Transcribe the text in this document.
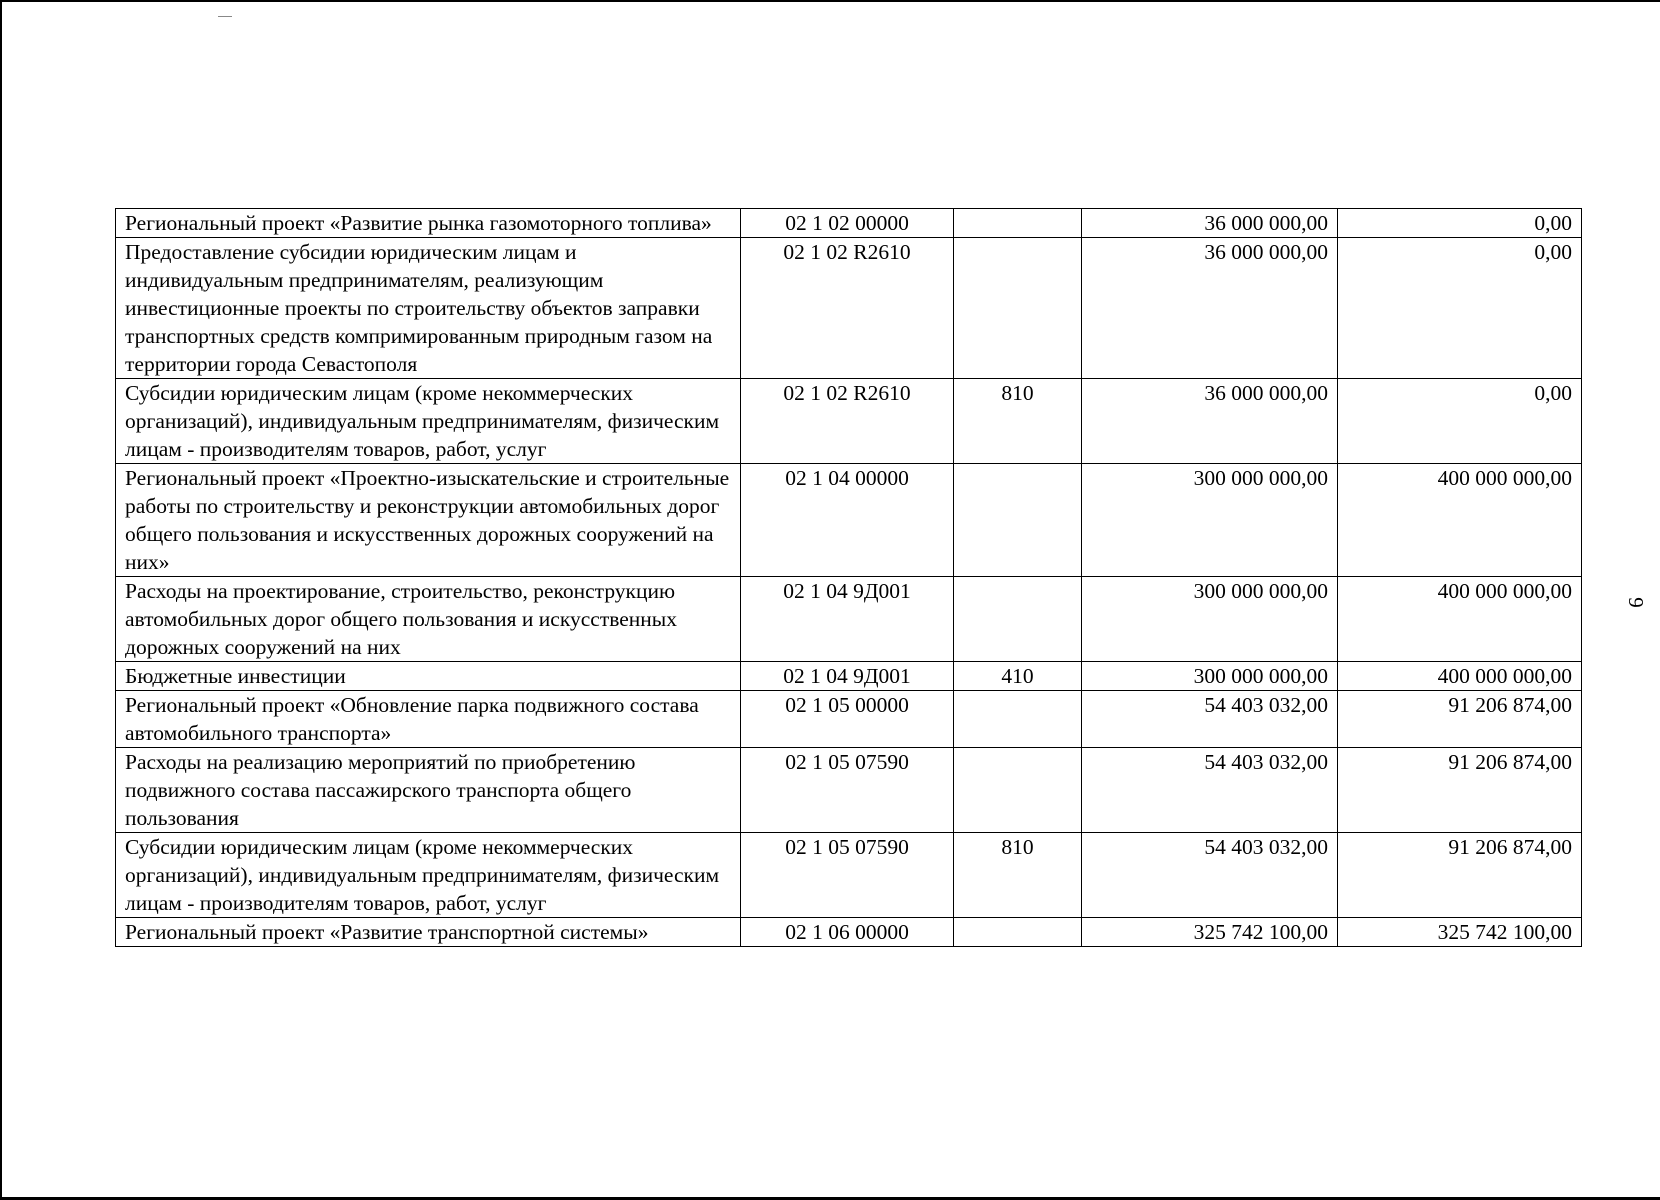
9
Региональный проект «Развитие рынка газомоторного топлива»	02 1 02 00000		36 000 000,00	0,00
Предоставление субсидии юридическим лицам и индивидуальным предпринимателям, реализующим инвестиционные проекты по строительству объектов заправки транспортных средств компримированным природным газом на территории города Севастополя	02 1 02 R2610		36 000 000,00	0,00
Субсидии юридическим лицам (кроме некоммерческих организаций), индивидуальным предпринимателям, физическим лицам - производителям товаров, работ, услуг	02 1 02 R2610	810	36 000 000,00	0,00
Региональный проект «Проектно-изыскательские и строительные работы по строительству и реконструкции автомобильных дорог общего пользования и искусственных дорожных сооружений на них»	02 1 04 00000		300 000 000,00	400 000 000,00
Расходы на проектирование, строительство, реконструкцию автомобильных дорог общего пользования и искусственных дорожных сооружений на них	02 1 04 9Д001		300 000 000,00	400 000 000,00
Бюджетные инвестиции	02 1 04 9Д001	410	300 000 000,00	400 000 000,00
Региональный проект «Обновление парка подвижного состава автомобильного транспорта»	02 1 05 00000		54 403 032,00	91 206 874,00
Расходы на реализацию мероприятий по приобретению подвижного состава пассажирского транспорта общего пользования	02 1 05 07590		54 403 032,00	91 206 874,00
Субсидии юридическим лицам (кроме некоммерческих организаций), индивидуальным предпринимателям, физическим лицам - производителям товаров, работ, услуг	02 1 05 07590	810	54 403 032,00	91 206 874,00
Региональный проект «Развитие транспортной системы»	02 1 06 00000		325 742 100,00	325 742 100,00
